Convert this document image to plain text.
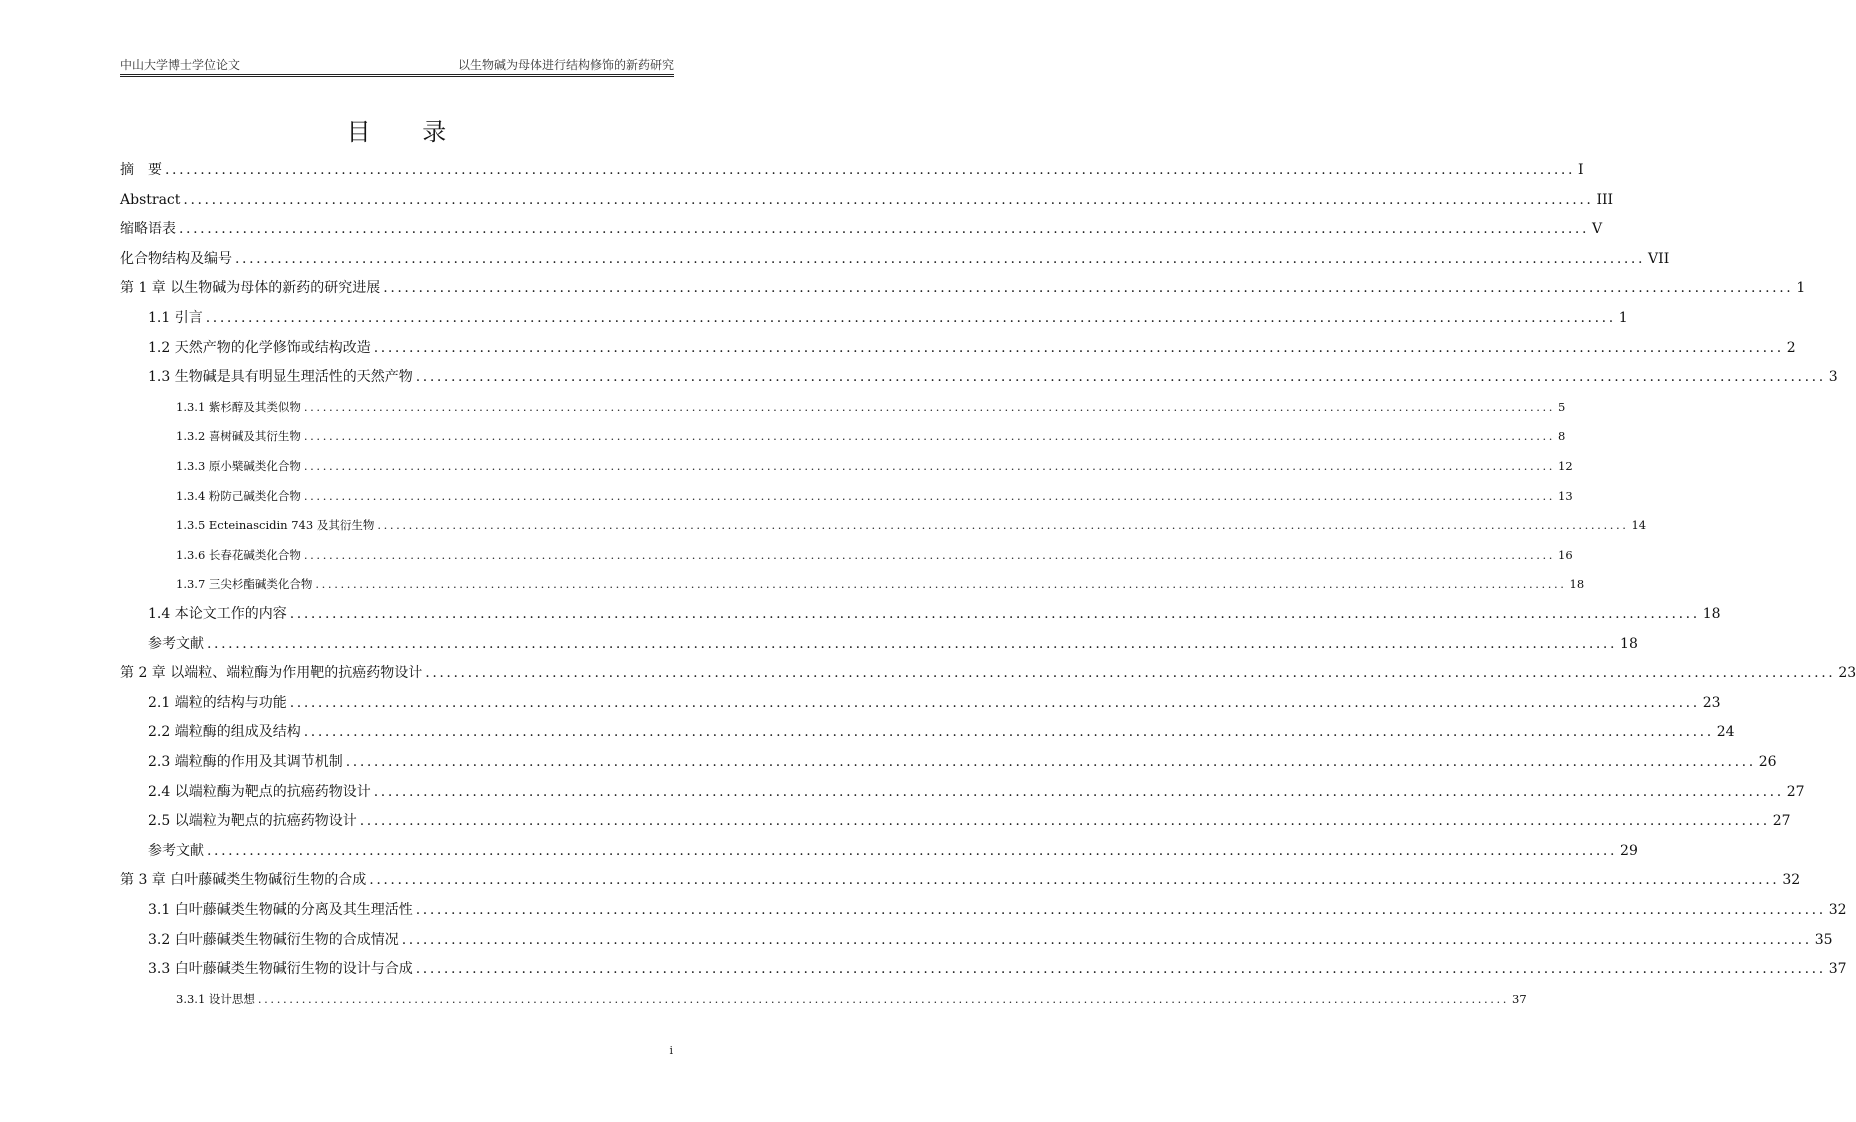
中山大学博士学位论文	以生物碱为母体进行结构修饰的新药研究
目 录
摘　要 ........................................................................................................................................................................................................ I
Abstract ........................................................................................................................................................................................................ III
缩略语表 ........................................................................................................................................................................................................ V
化合物结构及编号 ........................................................................................................................................................................................................ VII
第 1 章 以生物碱为母体的新药的研究进展 ........................................................................................................................................................................................................ 1
1.1 引言 ........................................................................................................................................................................................................ 1
1.2 天然产物的化学修饰或结构改造 ........................................................................................................................................................................................................ 2
1.3 生物碱是具有明显生理活性的天然产物 ........................................................................................................................................................................................................ 3
1.3.1 紫杉醇及其类似物 ........................................................................................................................................................................................................ 5
1.3.2 喜树碱及其衍生物 ........................................................................................................................................................................................................ 8
1.3.3 原小檗碱类化合物 ........................................................................................................................................................................................................ 12
1.3.4 粉防己碱类化合物 ........................................................................................................................................................................................................ 13
1.3.5 Ecteinascidin 743 及其衍生物 ........................................................................................................................................................................................................ 14
1.3.6 长春花碱类化合物 ........................................................................................................................................................................................................ 16
1.3.7 三尖杉酯碱类化合物 ........................................................................................................................................................................................................ 18
1.4 本论文工作的内容 ........................................................................................................................................................................................................ 18
参考文献 ........................................................................................................................................................................................................ 18
第 2 章 以端粒、端粒酶为作用靶的抗癌药物设计 ........................................................................................................................................................................................................ 23
2.1 端粒的结构与功能 ........................................................................................................................................................................................................ 23
2.2 端粒酶的组成及结构 ........................................................................................................................................................................................................ 24
2.3 端粒酶的作用及其调节机制 ........................................................................................................................................................................................................ 26
2.4 以端粒酶为靶点的抗癌药物设计 ........................................................................................................................................................................................................ 27
2.5 以端粒为靶点的抗癌药物设计 ........................................................................................................................................................................................................ 27
参考文献 ........................................................................................................................................................................................................ 29
第 3 章 白叶藤碱类生物碱衍生物的合成 ........................................................................................................................................................................................................ 32
3.1 白叶藤碱类生物碱的分离及其生理活性 ........................................................................................................................................................................................................ 32
3.2 白叶藤碱类生物碱衍生物的合成情况 ........................................................................................................................................................................................................ 35
3.3 白叶藤碱类生物碱衍生物的设计与合成 ........................................................................................................................................................................................................ 37
3.3.1 设计思想 ........................................................................................................................................................................................................ 37
i
